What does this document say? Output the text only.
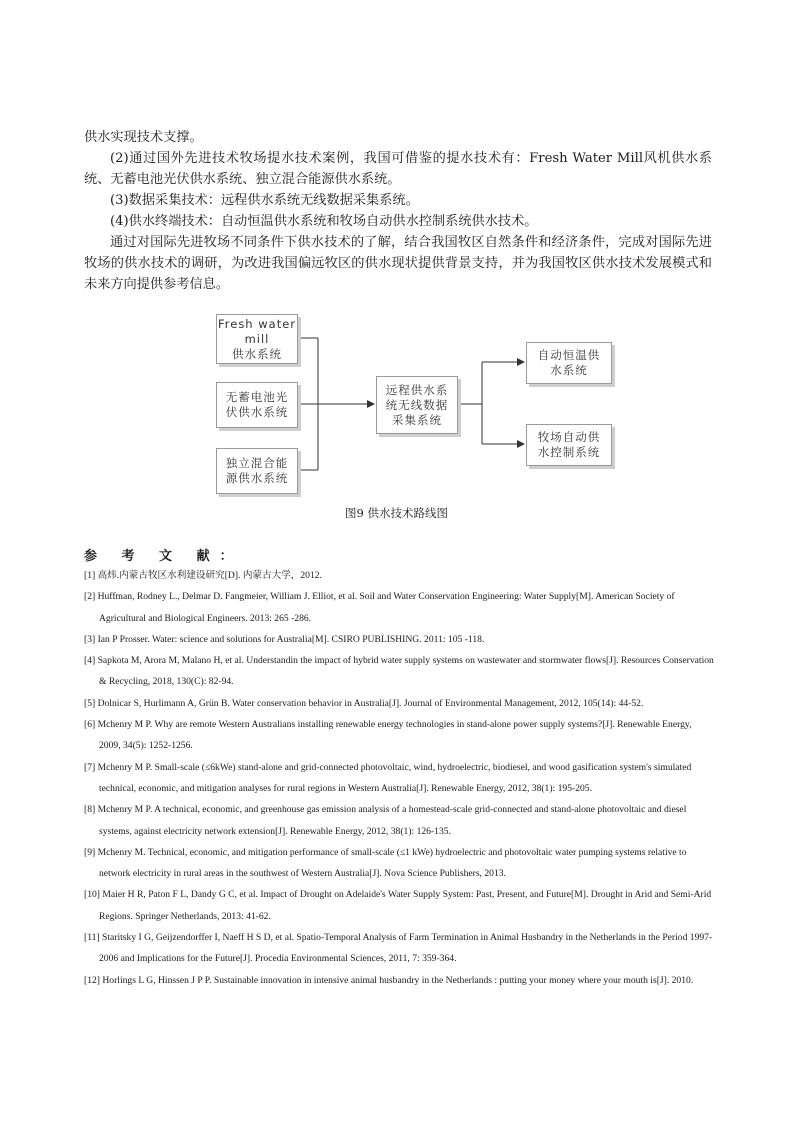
供水实现技术支撑。

(2)通过国外先进技术牧场提水技术案例，我国可借鉴的提水技术有：Fresh Water Mill风机供水系统、无蓄电池光伏供水系统、独立混合能源供水系统。

(3)数据采集技术：远程供水系统无线数据采集系统。

(4)供水终端技术：自动恒温供水系统和牧场自动供水控制系统供水技术。

通过对国际先进牧场不同条件下供水技术的了解，结合我国牧区自然条件和经济条件，完成对国际先进牧场的供水技术的调研，为改进我国偏远牧区的供水现状提供背景支持，并为我国牧区供水技术发展模式和未来方向提供参考信息。

Fresh water
mill
供水系统
无蓄电池光
伏供水系统
独立混合能
源供水系统
远程供水系
统无线数据
采集系统
自动恒温供
水系统
牧场自动供
水控制系统
图9 供水技术路线图
参 考 文 献：

[1] 高炜.内蒙古牧区水利建设研究[D]. 内蒙古大学，2012.

[2] Huffman, Rodney L., Delmar D. Fangmeier, William J. Elliot, et al. Soil and Water Conservation Engineering: Water Supply[M]. American Society of Agricultural and Biological Engineers. 2013: 265 -286.

[3] Ian P Prosser. Water: science and solutions for Australia[M]. CSIRO PUBLISHING. 2011: 105 -118.

[4] Sapkota M, Arora M, Malano H, et al. Understandin the impact of hybrid water supply systems on wastewater and stormwater flows[J]. Resources Conservation & Recycling, 2018, 130(C): 82-94.

[5] Dolnicar S, Hurlimann A, Grün B. Water conservation behavior in Australia[J]. Journal of Environmental Management, 2012, 105(14): 44-52.

[6] Mchenry M P. Why are remote Western Australians installing renewable energy technologies in stand-alone power supply systems?[J]. Renewable Energy, 2009, 34(5): 1252-1256.

[7] Mchenry M P. Small-scale (≤6kWe) stand-alone and grid-connected photovoltaic, wind, hydroelectric, biodiesel, and wood gasification system's simulated technical, economic, and mitigation analyses for rural regions in Western Australia[J]. Renewable Energy, 2012, 38(1): 195-205.

[8] Mchenry M P. A technical, economic, and greenhouse gas emission analysis of a homestead-scale grid-connected and stand-alone photovoltaic and diesel systems, against electricity network extension[J]. Renewable Energy, 2012, 38(1): 126-135.

[9] Mchenry M. Technical, economic, and mitigation performance of small-scale (≤1 kWe) hydroelectric and photovoltaic water pumping systems relative to network electricity in rural areas in the southwest of Western Australia[J]. Nova Science Publishers, 2013.

[10] Maier H R, Paton F L, Dandy G C, et al. Impact of Drought on Adelaide's Water Supply System: Past, Present, and Future[M]. Drought in Arid and Semi-Arid Regions. Springer Netherlands, 2013: 41-62.

[11] Staritsky I G, Geijzendorffer I, Naeff H S D, et al. Spatio-Temporal Analysis of Farm Termination in Animal Husbandry in the Netherlands in the Period 1997-2006 and Implications for the Future[J]. Procedia Environmental Sciences, 2011, 7: 359-364.

[12] Horlings L G, Hinssen J P P. Sustainable innovation in intensive animal husbandry in the Netherlands : putting your money where your mouth is[J]. 2010.
